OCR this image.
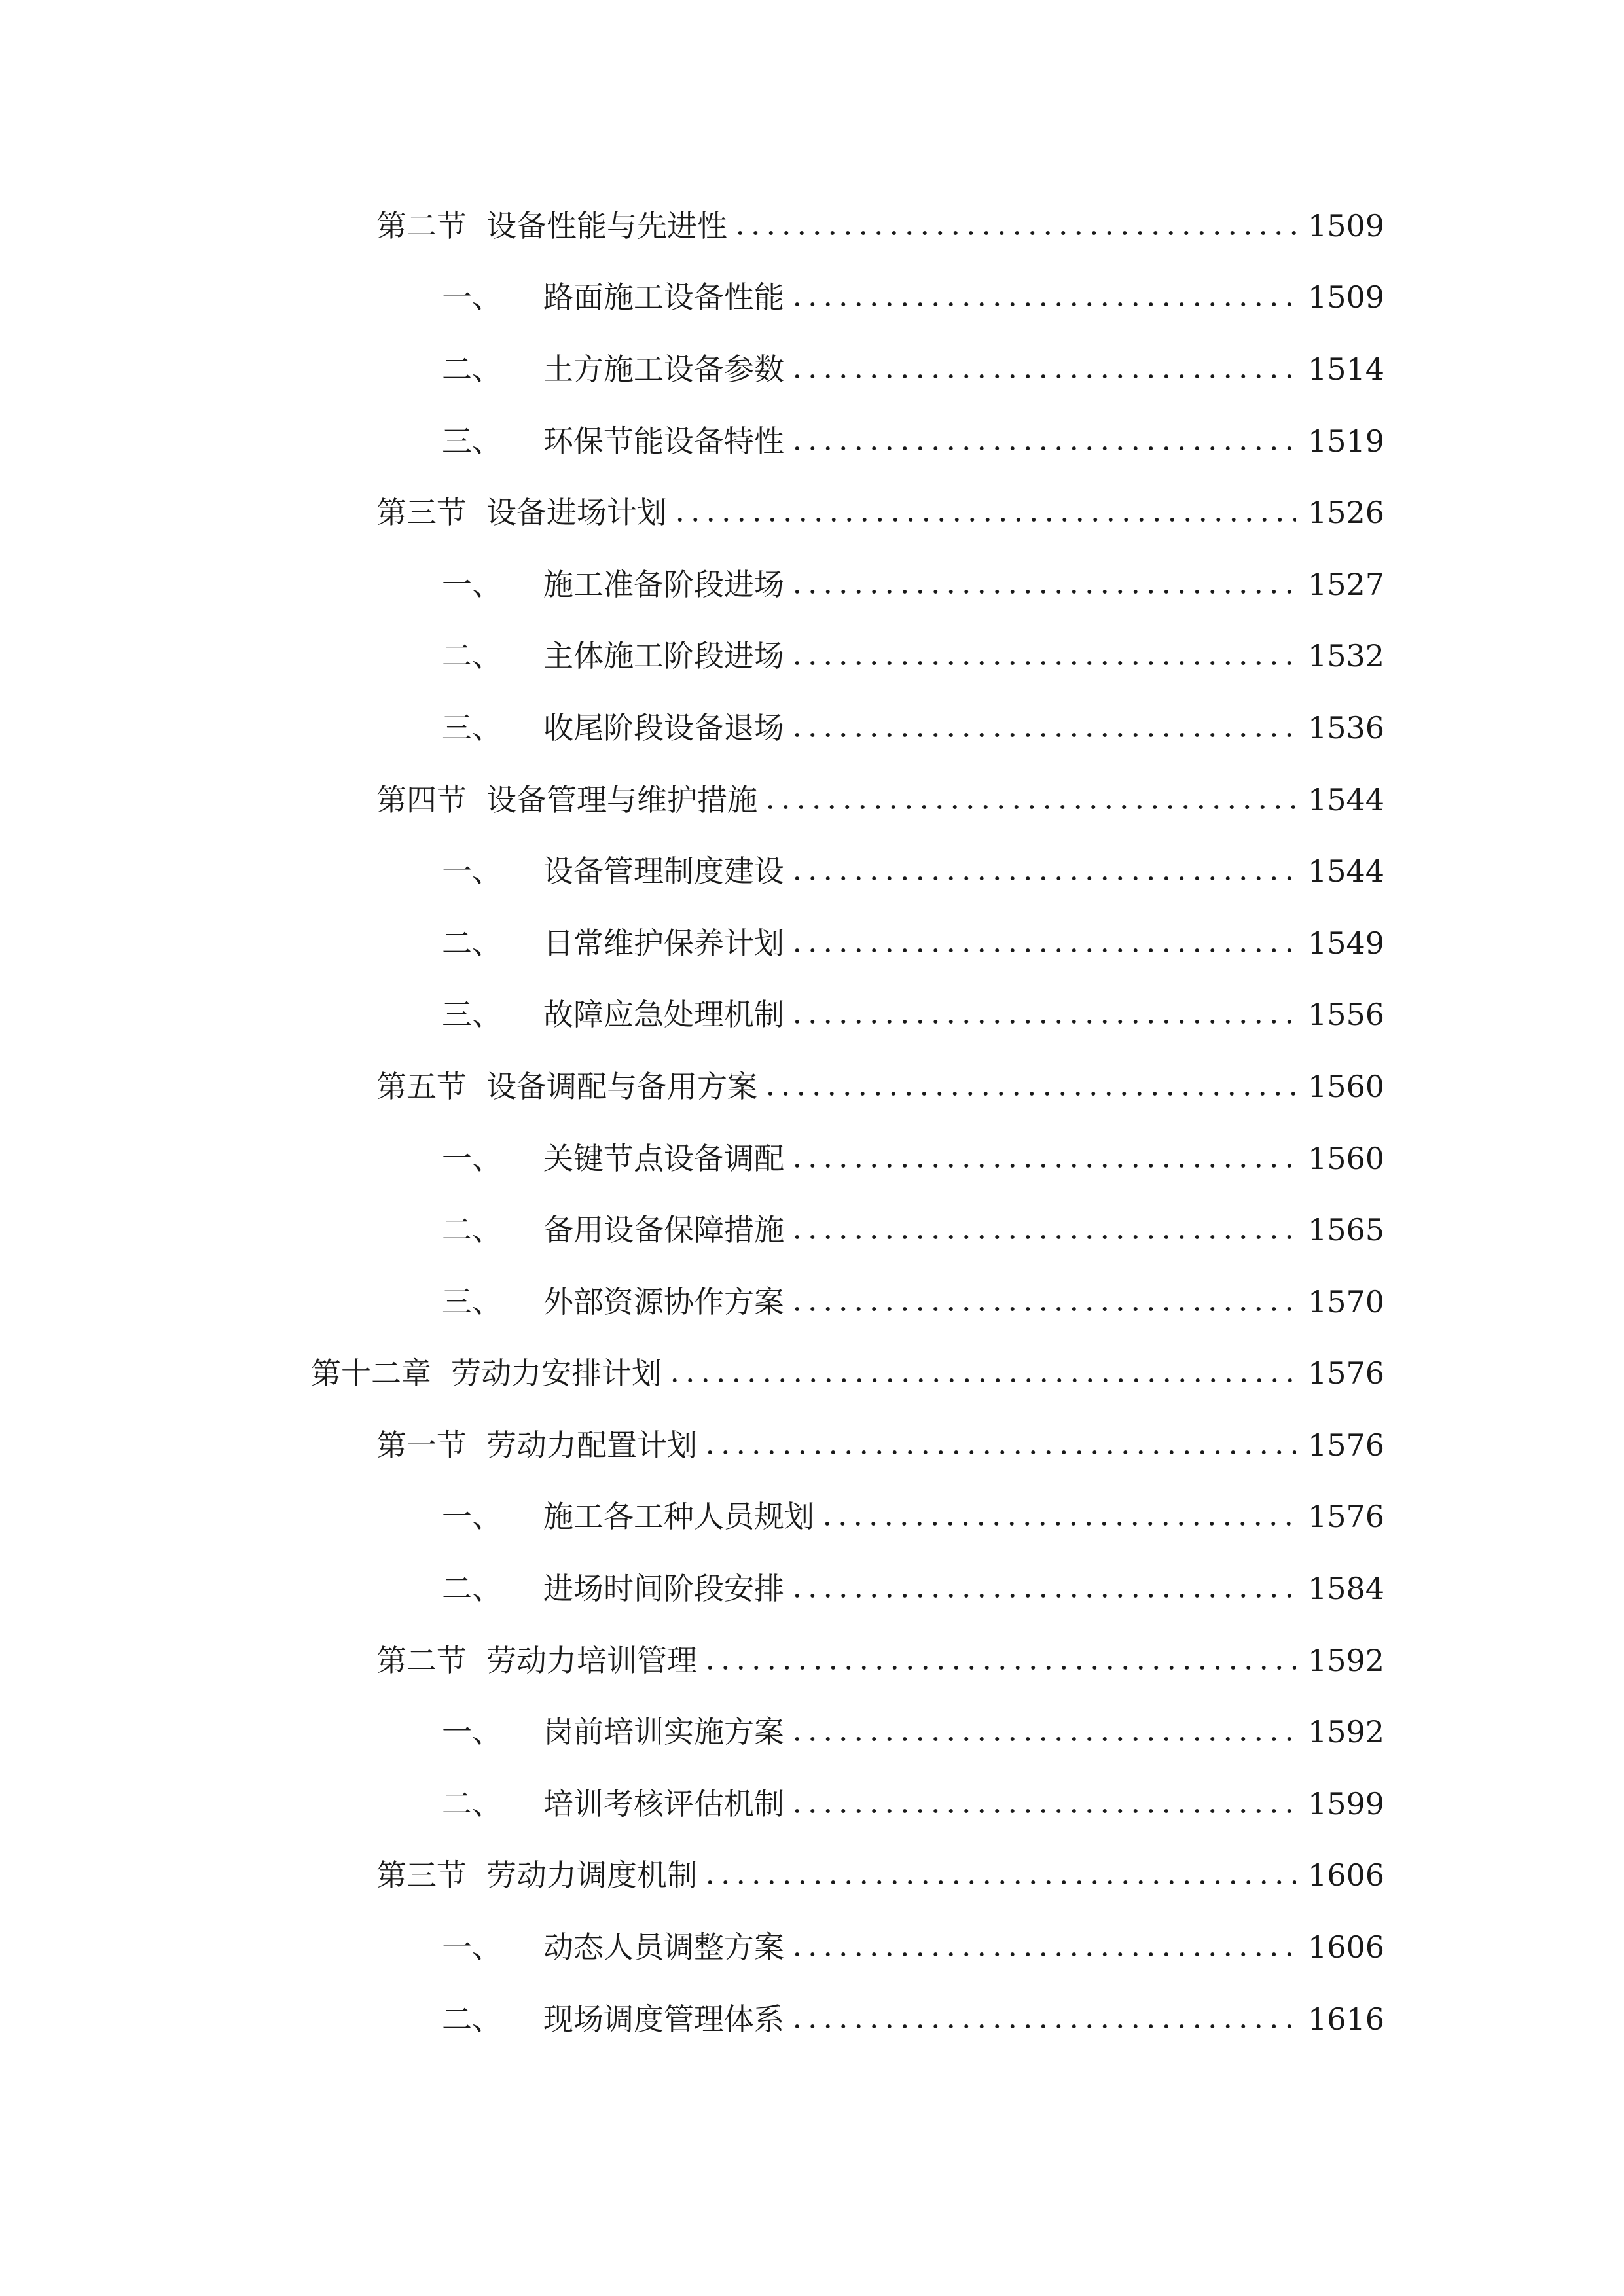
第二节 设备性能与先进性	1509
一、	路面施工设备性能	1509
二、	土方施工设备参数	1514
三、	环保节能设备特性	1519
第三节 设备进场计划	1526
一、	施工准备阶段进场	1527
二、	主体施工阶段进场	1532
三、	收尾阶段设备退场	1536
第四节 设备管理与维护措施	1544
一、	设备管理制度建设	1544
二、	日常维护保养计划	1549
三、	故障应急处理机制	1556
第五节 设备调配与备用方案	1560
一、	关键节点设备调配	1560
二、	备用设备保障措施	1565
三、	外部资源协作方案	1570
第十二章 劳动力安排计划	1576
第一节 劳动力配置计划	1576
一、	施工各工种人员规划	1576
二、	进场时间阶段安排	1584
第二节 劳动力培训管理	1592
一、	岗前培训实施方案	1592
二、	培训考核评估机制	1599
第三节 劳动力调度机制	1606
一、	动态人员调整方案	1606
二、	现场调度管理体系	1616
